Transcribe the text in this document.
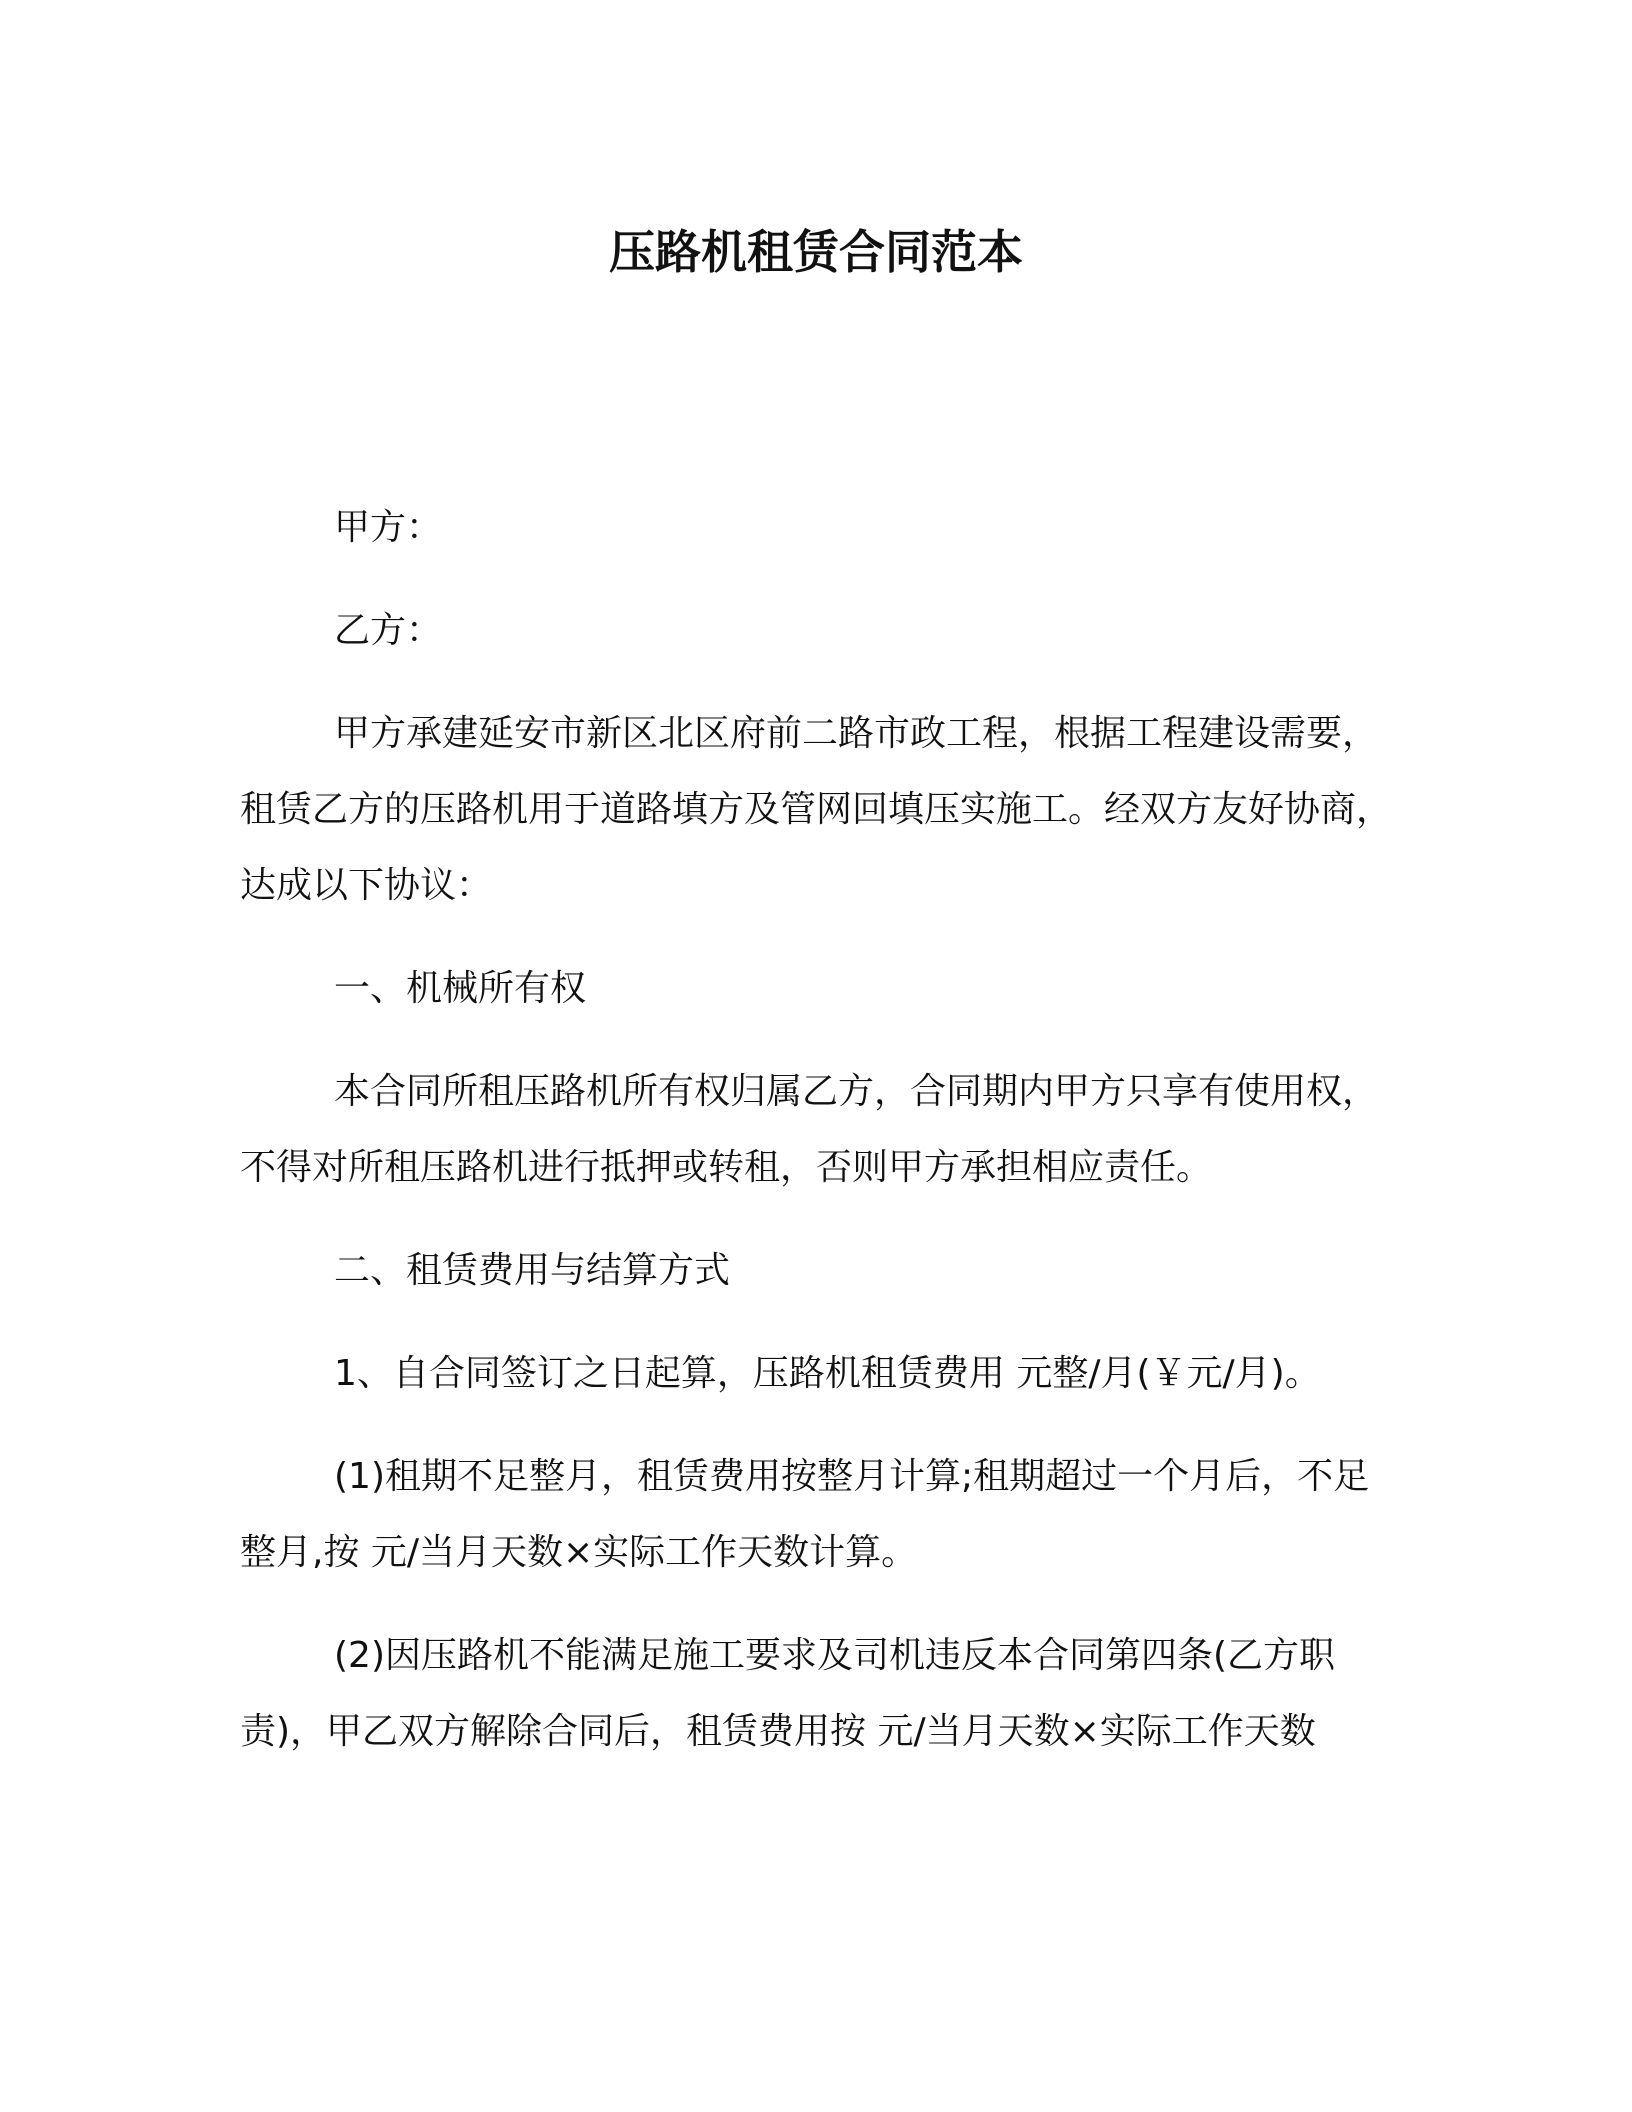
压路机租赁合同范本

甲方：

乙方：

甲方承建延安市新区北区府前二路市政工程，根据工程建设需要，租赁乙方的压路机用于道路填方及管网回填压实施工。经双方友好协商，达成以下协议：

一、机械所有权

本合同所租压路机所有权归属乙方，合同期内甲方只享有使用权，不得对所租压路机进行抵押或转租，否则甲方承担相应责任。

二、租赁费用与结算方式

1、自合同签订之日起算，压路机租赁费用 元整/月(￥元/月)。

(1)租期不足整月，租赁费用按整月计算;租期超过一个月后，不足整月,按 元/当月天数×实际工作天数计算。

(2)因压路机不能满足施工要求及司机违反本合同第四条(乙方职责)，甲乙双方解除合同后，租赁费用按 元/当月天数×实际工作天数
